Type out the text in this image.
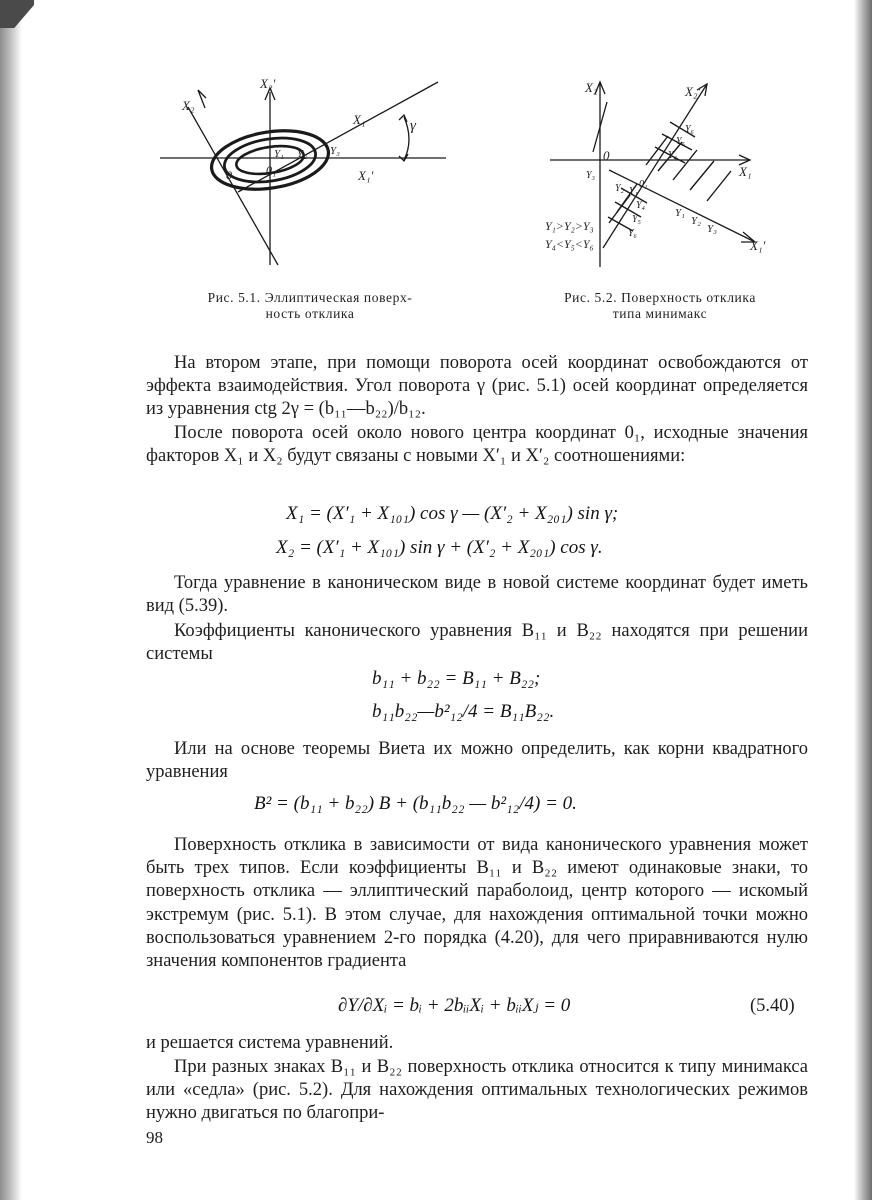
X₂′
X₂
X₁
X₁′
γ
0	0₁
Y₁ Y₂ Y₃
X₂	X₂′
X₁
X₁′
0
0₁
Y₃
Y₂ Y₁
Y₆
Y₅
Y₄
Y₄
Y₅
Y₆
Y₁
Y₂
Y₃
Y₁>Y₂>Y₃
Y₄<Y₅<Y₆
Рис. 5.1. Эллиптическая поверх-
ность отклика
Рис. 5.2. Поверхность отклика
типа минимакс
На втором этапе, при помощи поворота осей координат освобождаются от эффекта взаимодействия. Угол поворота γ (рис. 5.1) осей координат определяется из уравнения ctg 2γ = (b₁₁—b₂₂)/b₁₂.
После поворота осей около нового центра координат 0₁, исходные значения факторов X₁ и X₂ будут связаны с новыми X′₁ и X′₂ соотношениями:
X₁ = (X′₁ + X₁₀₁) cos γ — (X′₂ + X₂₀₁) sin γ;
X₂ = (X′₁ + X₁₀₁) sin γ + (X′₂ + X₂₀₁) cos γ.
Тогда уравнение в каноническом виде в новой системе координат будет иметь вид (5.39).
Коэффициенты канонического уравнения B₁₁ и B₂₂ находятся при решении системы
b₁₁ + b₂₂ = B₁₁ + B₂₂;
b₁₁b₂₂—b²₁₂/4 = B₁₁B₂₂.
Или на основе теоремы Виета их можно определить, как корни квадратного уравнения
B² = (b₁₁ + b₂₂) B + (b₁₁b₂₂ — b²₁₂/4) = 0.
Поверхность отклика в зависимости от вида канонического уравнения может быть трех типов. Если коэффициенты B₁₁ и B₂₂ имеют одинаковые знаки, то поверхность отклика — эллиптический параболоид, центр которого — искомый экстремум (рис. 5.1). В этом случае, для нахождения оптимальной точки можно воспользоваться уравнением 2-го порядка (4.20), для чего приравниваются нулю значения компонентов градиента
∂Y/∂Xᵢ = bᵢ + 2bᵢᵢXᵢ + bᵢᵢXⱼ = 0	(5.40)
и решается система уравнений.
При разных знаках B₁₁ и B₂₂ поверхность отклика относится к типу минимакса или «седла» (рис. 5.2). Для нахождения оптимальных технологических режимов нужно двигаться по благопри-
98
